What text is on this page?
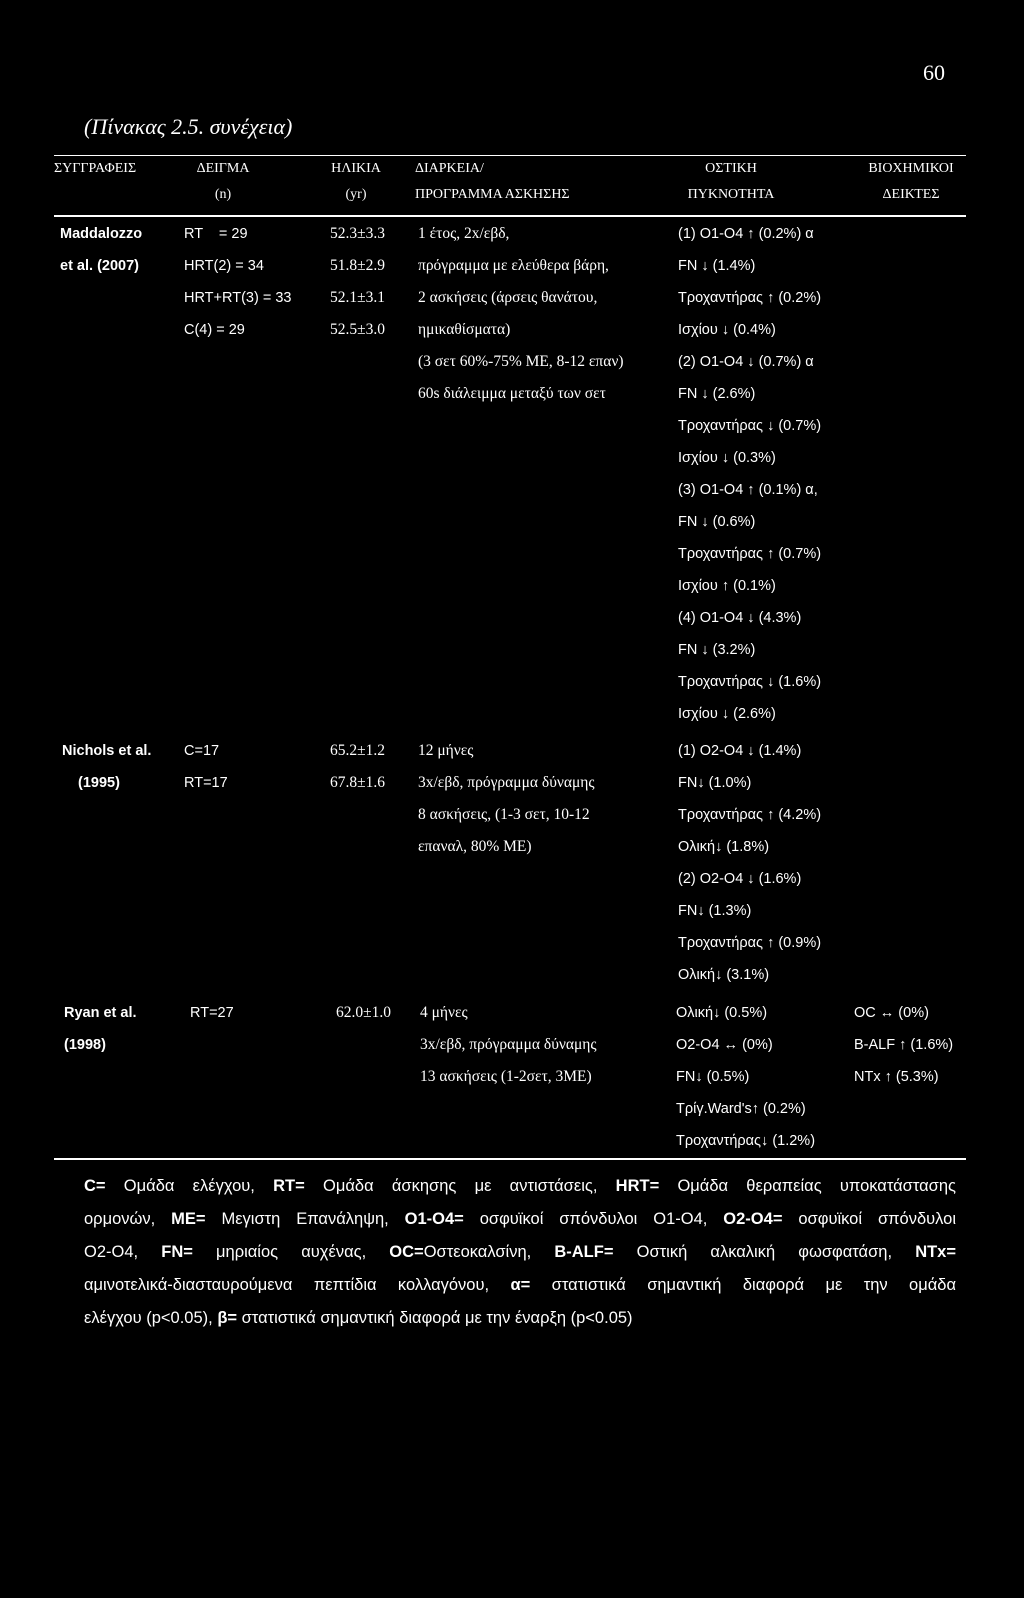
60
(Πίνακας 2.5. συνέχεια)
ΣΥΓΓΡΑΦΕΙΣ	ΔΕΙΓΜΑ
(n)
ΗΛΙΚΙΑ
(yr)
ΔΙΑΡΚΕΙΑ/
ΠΡΟΓΡΑΜΜΑ ΑΣΚΗΣΗΣ
ΟΣΤΙΚΗ
ΠΥΚΝΟΤΗΤΑ
ΒΙΟΧΗΜΙΚΟΙ
ΔΕΙΚΤΕΣ
Maddalozzo
et al. (2007)
RT    = 29
HRT(2) = 34
HRT+RT(3) = 33
C(4) = 29
52.3±3.3
51.8±2.9
52.1±3.1
52.5±3.0
1 έτος, 2x/εβδ,
πρόγραμμα με ελεύθερα βάρη,
2 ασκήσεις (άρσεις θανάτου,
ημικαθίσματα)
(3 σετ 60%-75% ΜΕ, 8-12 επαν)
60s διάλειμμα μεταξύ των σετ
(1) O1-O4 ↑ (0.2%) α
FN ↓ (1.4%)
Τροχαντήρας ↑ (0.2%)
Ισχίου ↓ (0.4%)
(2) O1-O4 ↓ (0.7%) α
FN ↓ (2.6%)
Τροχαντήρας ↓ (0.7%)
Ισχίου ↓ (0.3%)
(3) O1-O4 ↑ (0.1%) α,
FN ↓ (0.6%)
Τροχαντήρας ↑ (0.7%)
Ισχίου ↑ (0.1%)
(4) O1-O4 ↓ (4.3%)
FN ↓ (3.2%)
Τροχαντήρας ↓ (1.6%)
Ισχίου ↓ (2.6%)
Nichols et al.
(1995)
C=17
RT=17
65.2±1.2
67.8±1.6
12 μήνες
3x/εβδ, πρόγραμμα δύναμης
8 ασκήσεις, (1-3 σετ, 10-12
επαναλ, 80% ΜΕ)
(1) O2-O4 ↓ (1.4%)
FN↓ (1.0%)
Τροχαντήρας ↑ (4.2%)
Ολική↓ (1.8%)
(2) O2-O4 ↓ (1.6%)
FN↓ (1.3%)
Τροχαντήρας ↑ (0.9%)
Ολική↓ (3.1%)
Ryan et al.
(1998)
RT=27	62.0±1.0 4 μήνες
3x/εβδ, πρόγραμμα δύναμης
13 ασκήσεις (1-2σετ, 3ΜΕ)
Ολική↓ (0.5%)
O2-O4 ↔ (0%)
FN↓ (0.5%)
Τρίγ.Ward's↑ (0.2%)
Τροχαντήρας↓ (1.2%)
OC ↔ (0%)
B-ALF ↑ (1.6%)
NTx ↑ (5.3%)
C= Ομάδα ελέγχου, RT= Ομάδα άσκησης με αντιστάσεις, HRT= Ομάδα θεραπείας υποκατάστασης
ορμονών, ΜΕ= Μεγιστη Επανάληψη, O1-O4= οσφυϊκοί σπόνδυλοι O1-O4, O2-O4= οσφυϊκοί σπόνδυλοι
O2-O4, FN= μηριαίος αυχένας, OC=Οστεοκαλσίνη, B-ALF= Οστική αλκαλική φωσφατάση, NTx=
αμινοτελικά-διασταυρούμενα πεπτίδια κολλαγόνου, α= στατιστικά σημαντική διαφορά με την ομάδα
ελέγχου (p<0.05), β= στατιστικά σημαντική διαφορά με την έναρξη (p<0.05)
